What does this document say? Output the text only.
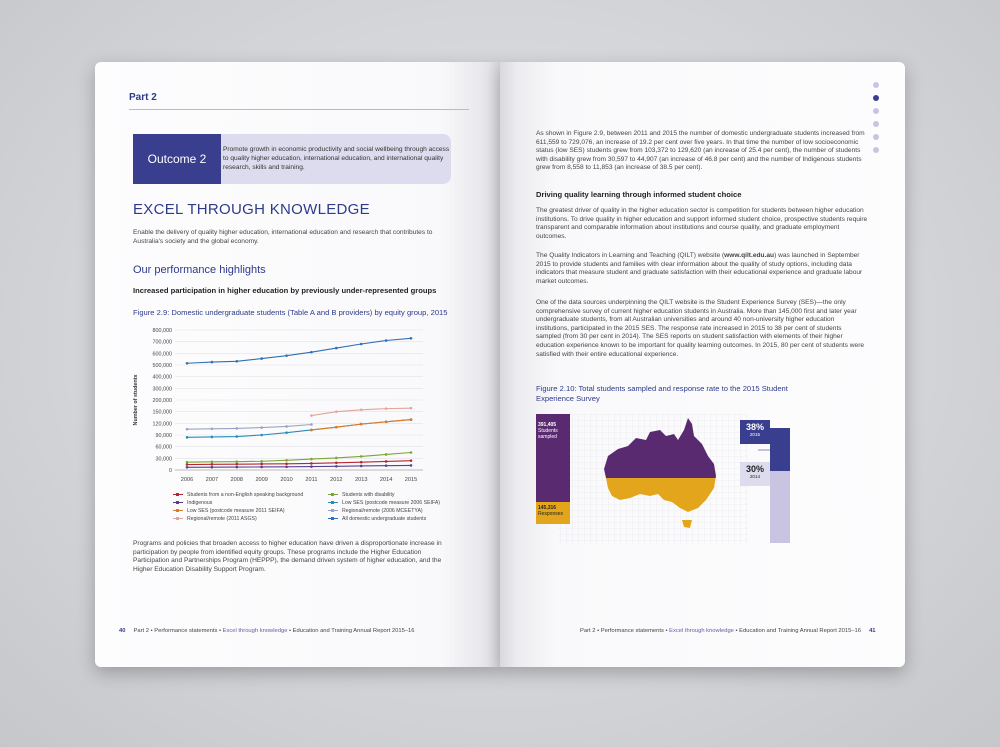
Part 2

Outcome 2

Promote growth in economic productivity and social wellbeing through access to quality higher education, international education, and international quality research, skills and training.

EXCEL THROUGH KNOWLEDGE

Enable the delivery of quality higher education, international education and research that contributes to Australia's society and the global economy.

Our performance highlights

Increased participation in higher education by previously under-represented groups

Figure 2.9: Domestic undergraduate students (Table A and B providers) by equity group, 2015

0
30,000
60,000
90,000
120,000
150,000
200,000
300,000
400,000
500,000
600,000
700,000
800,000
2006 2007 2008 2009 2010 2011 2012 2013 2014 2015
Number of students
Students from a non-English speaking background	Students with disability
Indigenous	Low SES (postcode measure 2006 SEIFA)
Low SES (postcode measure 2011 SEIFA)	Regional/remote (2006 MCEETYA)
Regional/remote (2011 ASGS)	All domestic undergraduate students

Programs and policies that broaden access to higher education have driven a disproportionate increase in participation by people from identified equity groups. These programs include the Higher Education Participation and Partnerships Program (HEPPP), the demand driven system of higher education, and the Higher Education Disability Support Program.

40 Part 2 • Performance statements • Excel through knowledge • Education and Training Annual Report 2015–16

As shown in Figure 2.9, between 2011 and 2015 the number of domestic undergraduate students increased from 611,559 to 729,076, an increase of 19.2 per cent over five years. In that time the number of low socioeconomic status (low SES) students grew from 103,372 to 129,620 (an increase of 25.4 per cent), the number of students with disability grew from 30,597 to 44,907 (an increase of 46.8 per cent) and the number of Indigenous students grew from 8,558 to 11,853 (an increase of 38.5 per cent).

Driving quality learning through informed student choice

The greatest driver of quality in the higher education sector is competition for students between higher education institutions. To drive quality in higher education and support informed student choice, prospective students require transparent and comparable information about institutions and course quality, and graduate employment outcomes.

The Quality Indicators in Learning and Teaching (QILT) website (www.qilt.edu.au) was launched in September 2015 to provide students and families with clear information about the quality of study options, including data indicators that measure student and graduate satisfaction with their educational experience and graduate labour market outcomes.

One of the data sources underpinning the QILT website is the Student Experience Survey (SES)—the only comprehensive survey of current higher education students in Australia. More than 145,000 first and later year undergraduate students, from all Australian universities and around 40 non-university higher education institutions, participated in the 2015 SES. The response rate increased in 2015 to 38 per cent of students sampled (from 30 per cent in 2014). The SES reports on student satisfaction with elements of their higher education experience known to be important for quality learning outcomes. In 2015, 80 per cent of students were satisfied with their entire educational experience.

Figure 2.10: Total students sampled and response rate to the 2015 Student Experience Survey

391,405
Students sampled
145,316
Responses
38%
2015
30%
2014
Part 2 • Performance statements • Excel through knowledge • Education and Training Annual Report 2015–16 41
